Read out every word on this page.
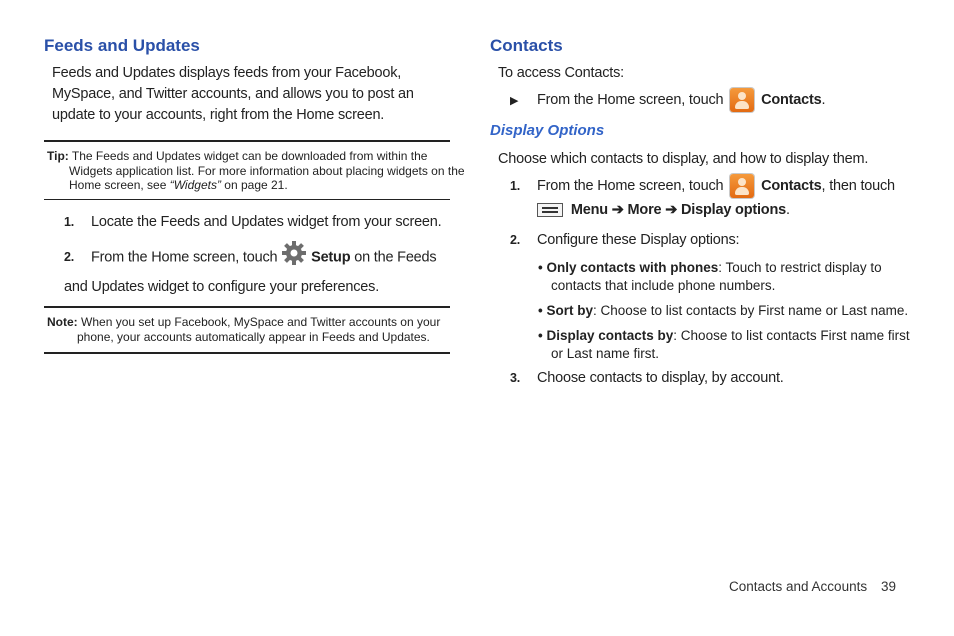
Feeds and Updates
Feeds and Updates displays feeds from your Facebook, MySpace, and Twitter accounts, and allows you to post an update to your accounts, right from the Home screen.
Tip: The Feeds and Updates widget can be downloaded from within the Widgets application list. For more information about placing widgets on the Home screen, see “Widgets” on page 21.
1. Locate the Feeds and Updates widget from your screen.
2. From the Home screen, touch Setup on the Feeds and Updates widget to configure your preferences.
Note: When you set up Facebook, MySpace and Twitter accounts on your phone, your accounts automatically appear in Feeds and Updates.
Contacts
To access Contacts:
▶ From the Home screen, touch	Contacts.
Display Options
Choose which contacts to display, and how to display them.
1. From the Home screen, touch	Contacts, then touch
Menu ➔ More ➔ Display options.
2. Configure these Display options:
• Only contacts with phones: Touch to restrict display to contacts that include phone numbers.
• Sort by: Choose to list contacts by First name or Last name.
• Display contacts by: Choose to list contacts First name first or Last name first.
3. Choose contacts to display, by account.
Contacts and Accounts 39
